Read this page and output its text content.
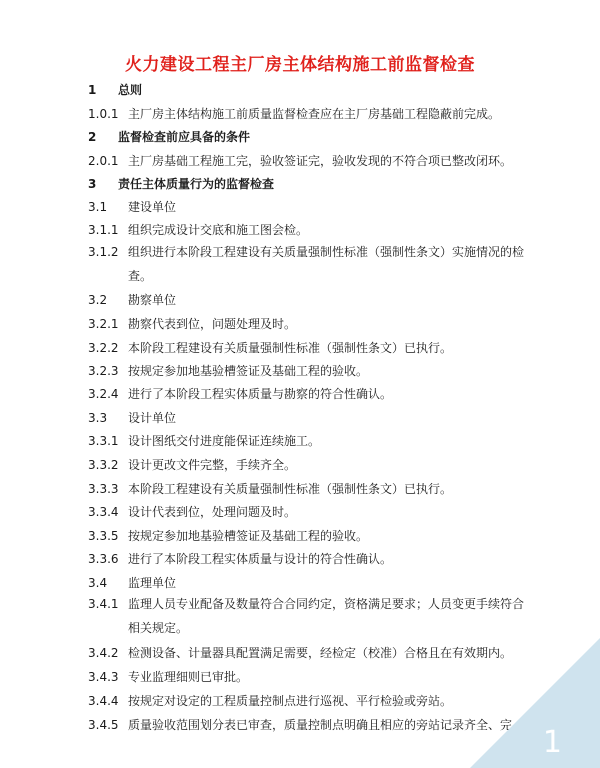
火力建设工程主厂房主体结构施工前监督检查
1 总则
1.0.1 主厂房主体结构施工前质量监督检查应在主厂房基础工程隐蔽前完成。
2 监督检查前应具备的条件
2.0.1 主厂房基础工程施工完，验收签证完，验收发现的不符合项已整改闭环。
3 责任主体质量行为的监督检查
3.1 建设单位
3.1.1 组织完成设计交底和施工图会检。
3.1.2 组织进行本阶段工程建设有关质量强制性标准（强制性条文）实施情况的检查。
3.2 勘察单位
3.2.1 勘察代表到位，问题处理及时。
3.2.2 本阶段工程建设有关质量强制性标准（强制性条文）已执行。
3.2.3 按规定参加地基验槽签证及基础工程的验收。
3.2.4 进行了本阶段工程实体质量与勘察的符合性确认。
3.3 设计单位
3.3.1 设计图纸交付进度能保证连续施工。
3.3.2 设计更改文件完整，手续齐全。
3.3.3 本阶段工程建设有关质量强制性标准（强制性条文）已执行。
3.3.4 设计代表到位，处理问题及时。
3.3.5 按规定参加地基验槽签证及基础工程的验收。
3.3.6 进行了本阶段工程实体质量与设计的符合性确认。
3.4 监理单位
3.4.1 监理人员专业配备及数量符合合同约定，资格满足要求；人员变更手续符合相关规定。
3.4.2 检测设备、计量器具配置满足需要，经检定（校准）合格且在有效期内。
3.4.3 专业监理细则已审批。
3.4.4 按规定对设定的工程质量控制点进行巡视、平行检验或旁站。
3.4.5 质量验收范围划分表已审查，质量控制点明确且相应的旁站记录齐全、完	1
